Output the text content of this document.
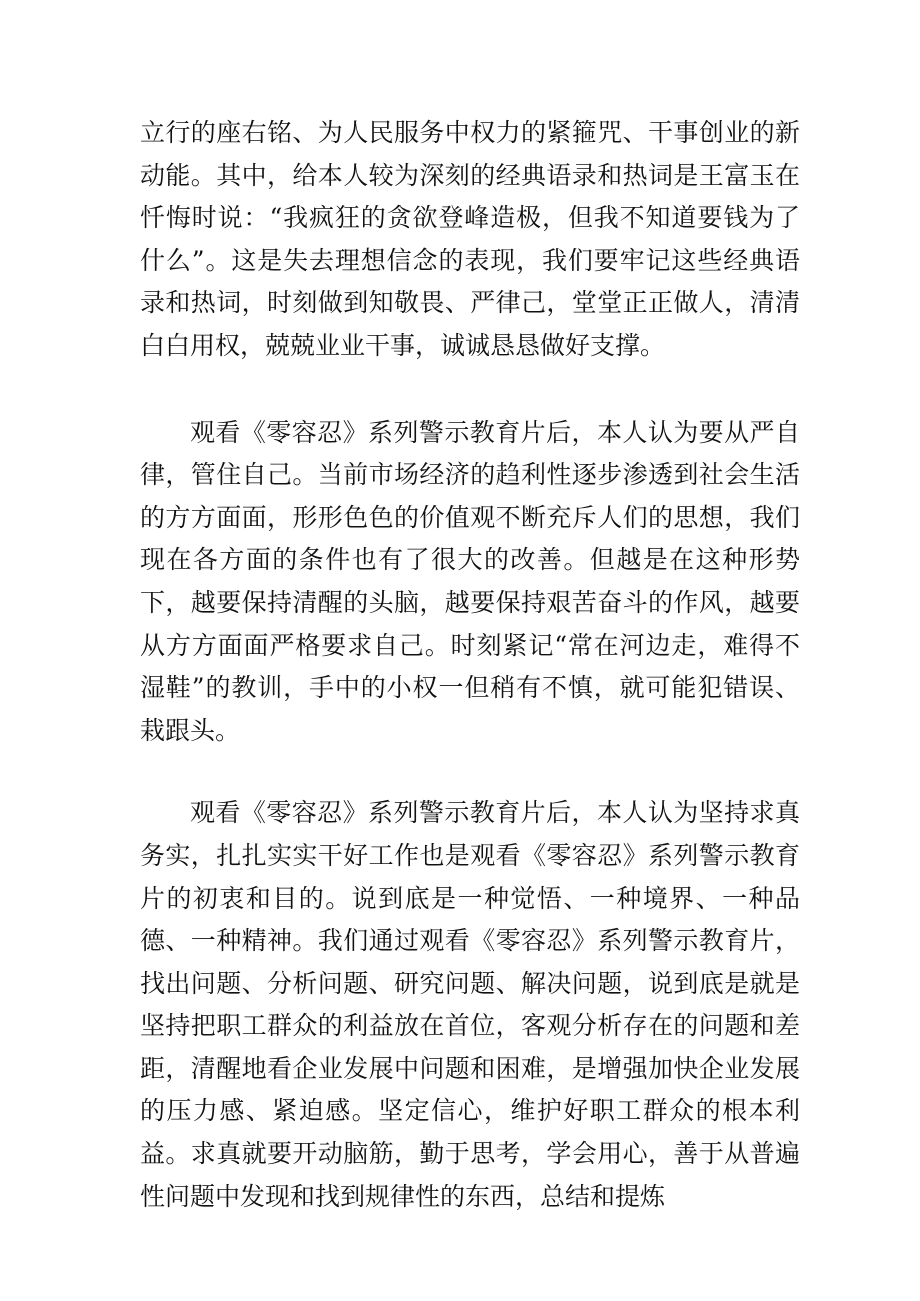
立行的座右铭、为人民服务中权力的紧箍咒、干事创业的新动能。其中，给本人较为深刻的经典语录和热词是王富玉在忏悔时说：“我疯狂的贪欲登峰造极，但我不知道要钱为了什么”。这是失去理想信念的表现，我们要牢记这些经典语录和热词，时刻做到知敬畏、严律己，堂堂正正做人，清清白白用权，兢兢业业干事，诚诚恳恳做好支撑。

观看《零容忍》系列警示教育片后，本人认为要从严自律，管住自己。当前市场经济的趋利性逐步渗透到社会生活的方方面面，形形色色的价值观不断充斥人们的思想，我们现在各方面的条件也有了很大的改善。但越是在这种形势下，越要保持清醒的头脑，越要保持艰苦奋斗的作风，越要从方方面面严格要求自己。时刻紧记“常在河边走，难得不湿鞋”的教训，手中的小权一但稍有不慎，就可能犯错误、栽跟头。

观看《零容忍》系列警示教育片后，本人认为坚持求真务实，扎扎实实干好工作也是观看《零容忍》系列警示教育片的初衷和目的。说到底是一种觉悟、一种境界、一种品德、一种精神。我们通过观看《零容忍》系列警示教育片，找出问题、分析问题、研究问题、解决问题，说到底是就是坚持把职工群众的利益放在首位，客观分析存在的问题和差距，清醒地看企业发展中问题和困难，是增强加快企业发展的压力感、紧迫感。坚定信心，维护好职工群众的根本利益。求真就要开动脑筋，勤于思考，学会用心，善于从普遍性问题中发现和找到规律性的东西，总结和提炼
